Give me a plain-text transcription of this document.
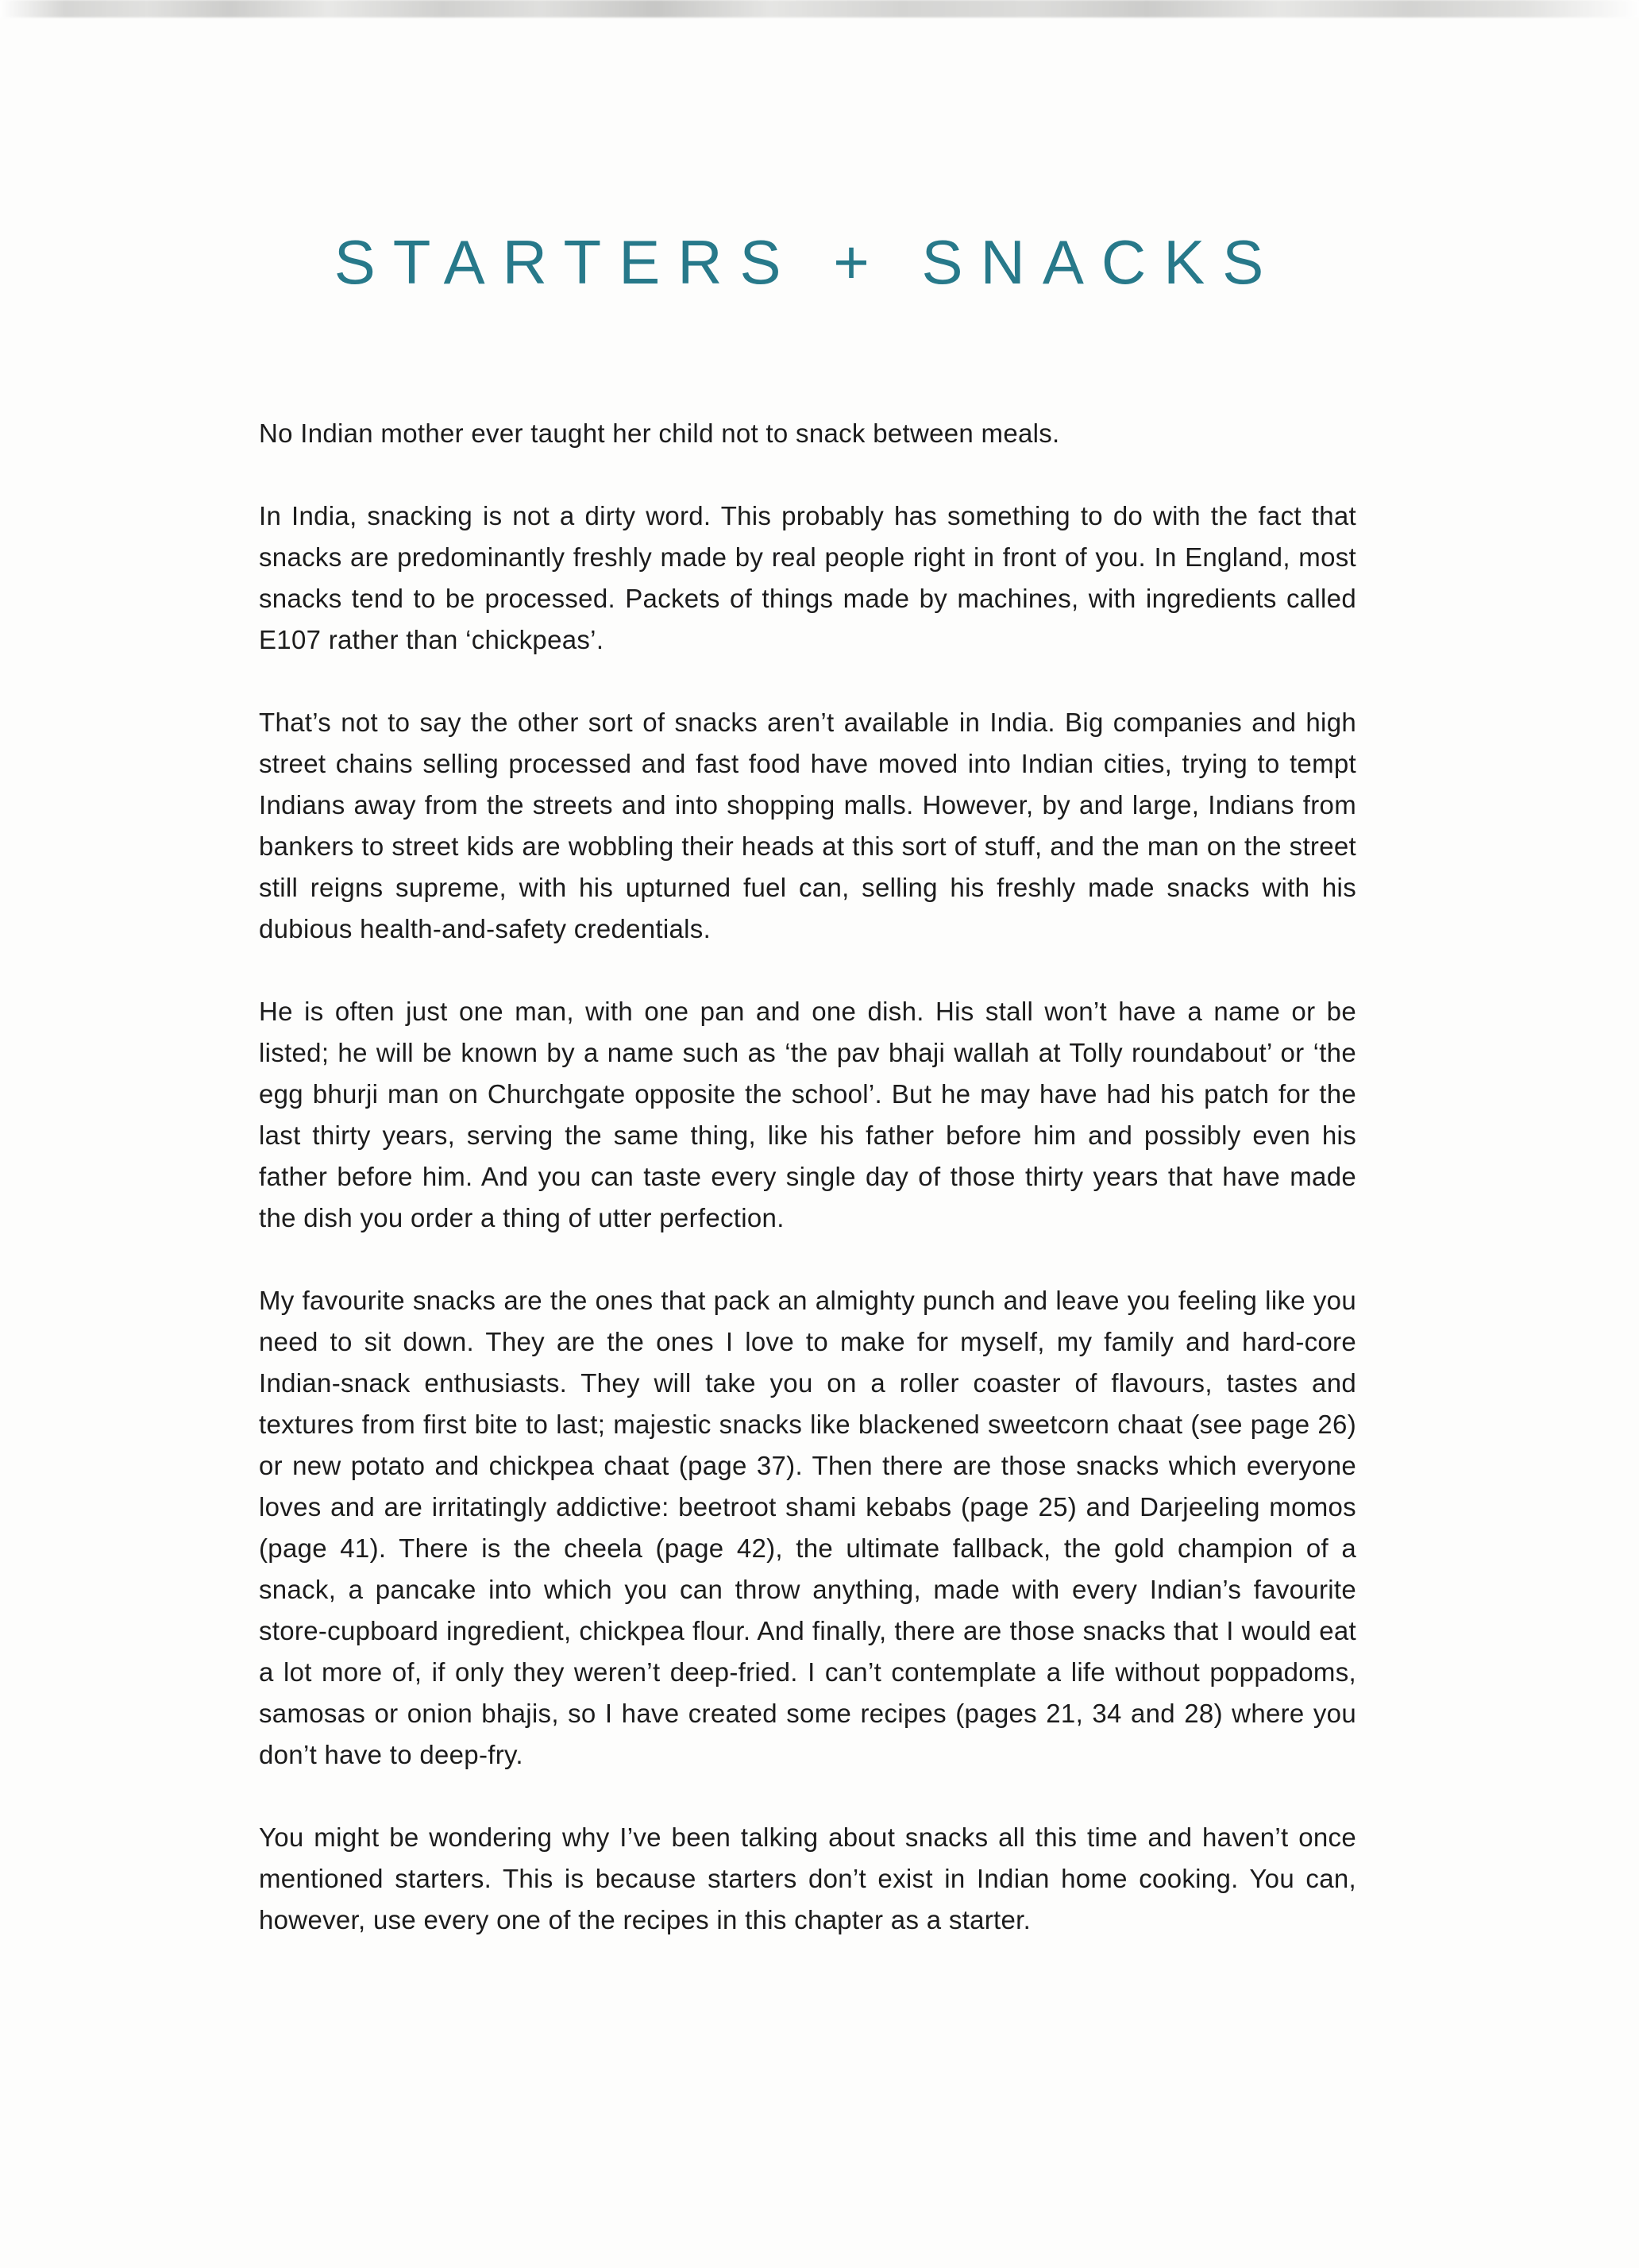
STARTERS + SNACKS

No Indian mother ever taught her child not to snack between meals.

In India, snacking is not a dirty word. This probably has something to do with the fact that snacks are predominantly freshly made by real people right in front of you. In England, most snacks tend to be processed. Packets of things made by machines, with ingredients called E107 rather than ‘chickpeas’.

That’s not to say the other sort of snacks aren’t available in India. Big companies and high street chains selling processed and fast food have moved into Indian cities, trying to tempt Indians away from the streets and into shopping malls. However, by and large, Indians from bankers to street kids are wobbling their heads at this sort of stuff, and the man on the street still reigns supreme, with his upturned fuel can, selling his freshly made snacks with his dubious health-and-safety credentials.

He is often just one man, with one pan and one dish. His stall won’t have a name or be listed; he will be known by a name such as ‘the pav bhaji wallah at Tolly roundabout’ or ‘the egg bhurji man on Churchgate opposite the school’. But he may have had his patch for the last thirty years, serving the same thing, like his father before him and possibly even his father before him. And you can taste every single day of those thirty years that have made the dish you order a thing of utter perfection.

My favourite snacks are the ones that pack an almighty punch and leave you feeling like you need to sit down. They are the ones I love to make for myself, my family and hard-core Indian-snack enthusiasts. They will take you on a roller coaster of flavours, tastes and textures from first bite to last; majestic snacks like blackened sweetcorn chaat (see page 26) or new potato and chickpea chaat (page 37). Then there are those snacks which everyone loves and are irritatingly addictive: beetroot shami kebabs (page 25) and Darjeeling momos (page 41). There is the cheela (page 42), the ultimate fallback, the gold champion of a snack, a pancake into which you can throw anything, made with every Indian’s favourite store-cupboard ingredient, chickpea flour. And finally, there are those snacks that I would eat a lot more of, if only they weren’t deep-fried. I can’t contemplate a life without poppadoms, samosas or onion bhajis, so I have created some recipes (pages 21, 34 and 28) where you don’t have to deep-fry.

You might be wondering why I’ve been talking about snacks all this time and haven’t once mentioned starters. This is because starters don’t exist in Indian home cooking. You can, however, use every one of the recipes in this chapter as a starter.
